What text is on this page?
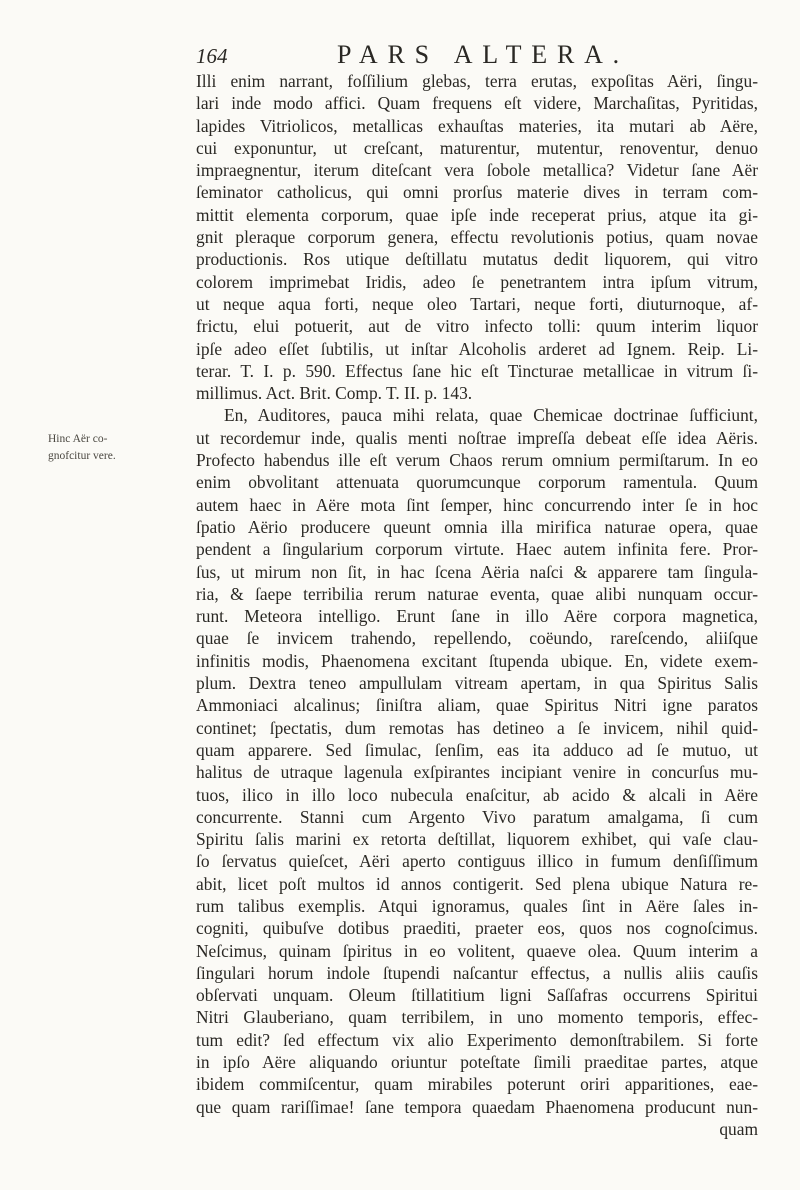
164	PARS ALTERA.
Hinc Aër co-
gnofcitur vere.
Illi enim narrant, foſſilium glebas, terra erutas, expoſitas Aëri, ſingu-
lari inde modo affici. Quam frequens eſt videre, Marchaſitas, Pyritidas,
lapides Vitriolicos, metallicas exhauſtas materies, ita mutari ab Aëre,
cui exponuntur, ut creſcant, maturentur, mutentur, renoventur, denuo
impraegnentur, iterum diteſcant vera ſobole metallica? Videtur ſane Aër
ſeminator catholicus, qui omni prorſus materie dives in terram com-
mittit elementa corporum, quae ipſe inde receperat prius, atque ita gi-
gnit pleraque corporum genera, effectu revolutionis potius, quam novae
productionis. Ros utique deſtillatu mutatus dedit liquorem, qui vitro
colorem imprimebat Iridis, adeo ſe penetrantem intra ipſum vitrum,
ut neque aqua forti, neque oleo Tartari, neque forti, diuturnoque, af-
frictu, elui potuerit, aut de vitro infecto tolli: quum interim liquor
ipſe adeo eſſet ſubtilis, ut inſtar Alcoholis arderet ad Ignem. Reip. Li-
terar. T. I. p. 590. Effectus ſane hic eſt Tincturae metallicae in vitrum ſi-
millimus. Act. Brit. Comp. T. II. p. 143.
En, Auditores, pauca mihi relata, quae Chemicae doctrinae ſufficiunt,
ut recordemur inde, qualis menti noſtrae impreſſa debeat eſſe idea Aëris.
Profecto habendus ille eſt verum Chaos rerum omnium permiſtarum. In eo
enim obvolitant attenuata quorumcunque corporum ramentula. Quum
autem haec in Aëre mota ſint ſemper, hinc concurrendo inter ſe in hoc
ſpatio Aërio producere queunt omnia illa mirifica naturae opera, quae
pendent a ſingularium corporum virtute. Haec autem infinita fere. Pror-
ſus, ut mirum non ſit, in hac ſcena Aëria naſci & apparere tam ſingula-
ria, & ſaepe terribilia rerum naturae eventa, quae alibi nunquam occur-
runt. Meteora intelligo. Erunt ſane in illo Aëre corpora magnetica,
quae ſe invicem trahendo, repellendo, coëundo, rareſcendo, aliiſque
infinitis modis, Phaenomena excitant ſtupenda ubique. En, videte exem-
plum. Dextra teneo ampullulam vitream apertam, in qua Spiritus Salis
Ammoniaci alcalinus; ſiniſtra aliam, quae Spiritus Nitri igne paratos
continet; ſpectatis, dum remotas has detineo a ſe invicem, nihil quid-
quam apparere. Sed ſimulac, ſenſim, eas ita adduco ad ſe mutuo, ut
halitus de utraque lagenula exſpirantes incipiant venire in concurſus mu-
tuos, ilico in illo loco nubecula enaſcitur, ab acido & alcali in Aëre
concurrente. Stanni cum Argento Vivo paratum amalgama, ſi cum
Spiritu ſalis marini ex retorta deſtillat, liquorem exhibet, qui vaſe clau-
ſo ſervatus quieſcet, Aëri aperto contiguus illico in fumum denſiſſimum
abit, licet poſt multos id annos contigerit. Sed plena ubique Natura re-
rum talibus exemplis. Atqui ignoramus, quales ſint in Aëre ſales in-
cogniti, quibuſve dotibus praediti, praeter eos, quos nos cognoſcimus.
Neſcimus, quinam ſpiritus in eo volitent, quaeve olea. Quum interim a
ſingulari horum indole ſtupendi naſcantur effectus, a nullis aliis cauſis
obſervati unquam. Oleum ſtillatitium ligni Saſſafras occurrens Spiritui
Nitri Glauberiano, quam terribilem, in uno momento temporis, effec-
tum edit? ſed effectum vix alio Experimento demonſtrabilem. Si forte
in ipſo Aëre aliquando oriuntur poteſtate ſimili praeditae partes, atque
ibidem commiſcentur, quam mirabiles poterunt oriri apparitiones, eae-
que quam rariſſimae! ſane tempora quaedam Phaenomena producunt nun-
quam
